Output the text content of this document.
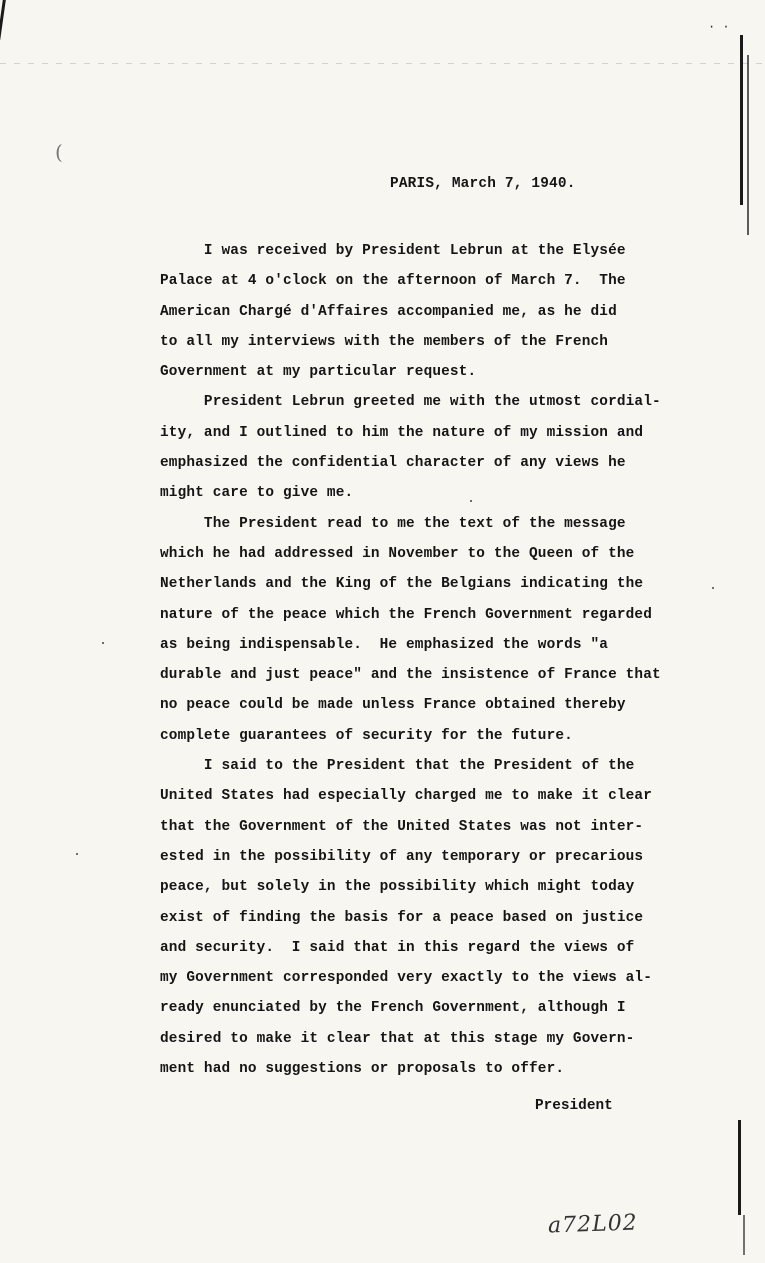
· ·
(
PARIS, March 7, 1940.
I was received by President Lebrun at the Elysée
Palace at 4 o'clock on the afternoon of March 7.  The
American Chargé d'Affaires accompanied me, as he did
to all my interviews with the members of the French
Government at my particular request.
President Lebrun greeted me with the utmost cordial-
ity, and I outlined to him the nature of my mission and
emphasized the confidential character of any views he
might care to give me.
The President read to me the text of the message
which he had addressed in November to the Queen of the
Netherlands and the King of the Belgians indicating the
nature of the peace which the French Government regarded
as being indispensable.  He emphasized the words "a
durable and just peace" and the insistence of France that
no peace could be made unless France obtained thereby
complete guarantees of security for the future.
I said to the President that the President of the
United States had especially charged me to make it clear
that the Government of the United States was not inter-
ested in the possibility of any temporary or precarious
peace, but solely in the possibility which might today
exist of finding the basis for a peace based on justice
and security.  I said that in this regard the views of
my Government corresponded very exactly to the views al-
ready enunciated by the French Government, although I
desired to make it clear that at this stage my Govern-
ment had no suggestions or proposals to offer.
President
a72L02
